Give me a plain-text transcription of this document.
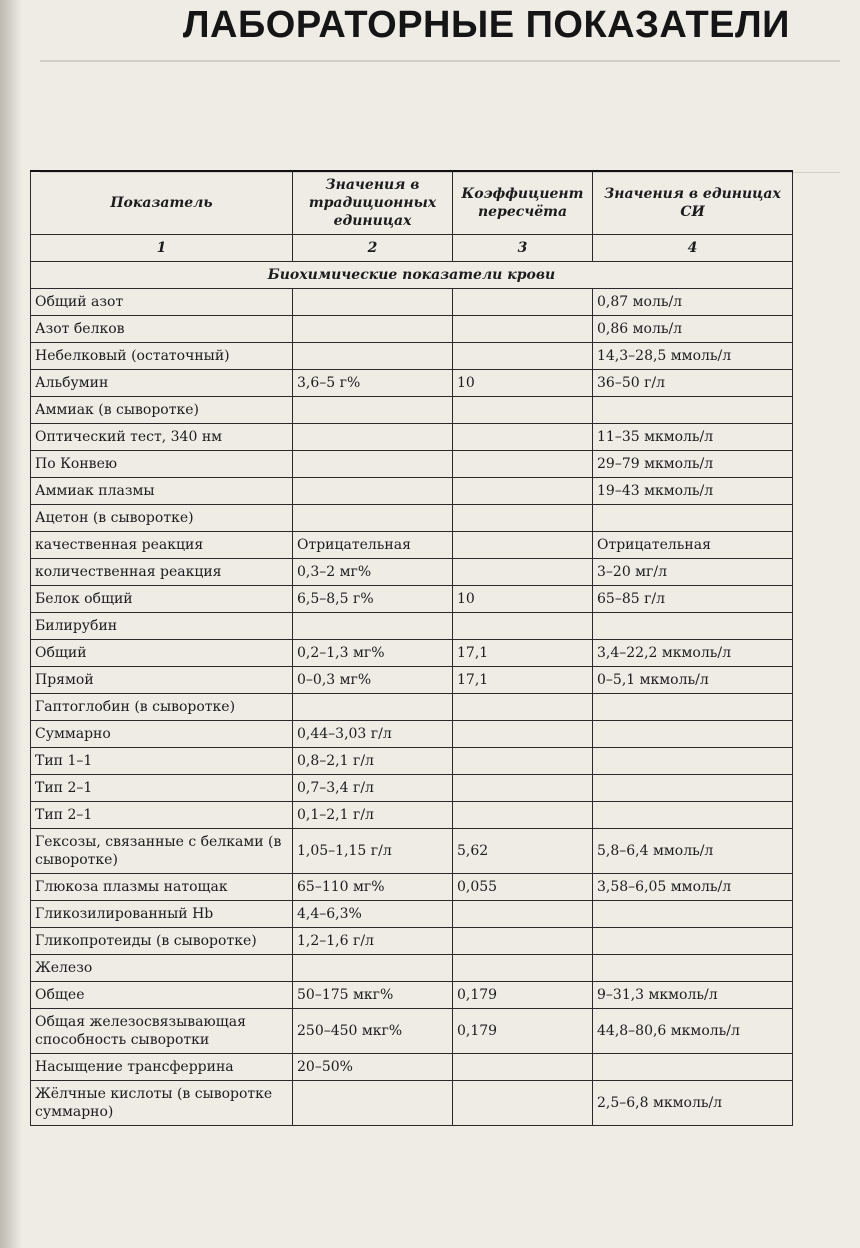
ЛАБОРАТОРНЫЕ ПОКАЗАТЕЛИ
Показатель	Значения в традиционных единицах	Коэффициент пересчёта	Значения в единицах СИ
1	2	3	4
Биохимические показатели крови			
Общий азот			0,87 моль/л
Азот белков			0,86 моль/л
Небелковый (остаточный)			14,3–28,5 ммоль/л
Альбумин	3,6–5 г%	10	36–50 г/л
Аммиак (в сыворотке)			
Оптический тест, 340 нм			11–35 мкмоль/л
По Конвею			29–79 мкмоль/л
Аммиак плазмы			19–43 мкмоль/л
Ацетон (в сыворотке)			
качественная реакция	Отрицательная		Отрицательная
количественная реакция	0,3–2 мг%		3–20 мг/л
Белок общий	6,5–8,5 г%	10	65–85 г/л
Билирубин			
Общий	0,2–1,3 мг%	17,1	3,4–22,2 мкмоль/л
Прямой	0–0,3 мг%	17,1	0–5,1 мкмоль/л
Гаптоглобин (в сыворотке)			
Суммарно	0,44–3,03 г/л		
Тип 1–1	0,8–2,1 г/л		
Тип 2–1	0,7–3,4 г/л		
Тип 2–1	0,1–2,1 г/л		
Гексозы, связанные с белками (в сыворотке)	1,05–1,15 г/л	5,62	5,8–6,4 ммоль/л
Глюкоза плазмы натощак	65–110 мг%	0,055	3,58–6,05 ммоль/л
Гликозилированный Hb	4,4–6,3%		
Гликопротеиды (в сыворотке)	1,2–1,6 г/л		
Железо			
Общее	50–175 мкг%	0,179	9–31,3 мкмоль/л
Общая железосвязывающая способность сыворотки	250–450 мкг%	0,179	44,8–80,6 мкмоль/л
Насыщение трансферрина	20–50%		
Жёлчные кислоты (в сыворотке суммарно)			2,5–6,8 мкмоль/л
